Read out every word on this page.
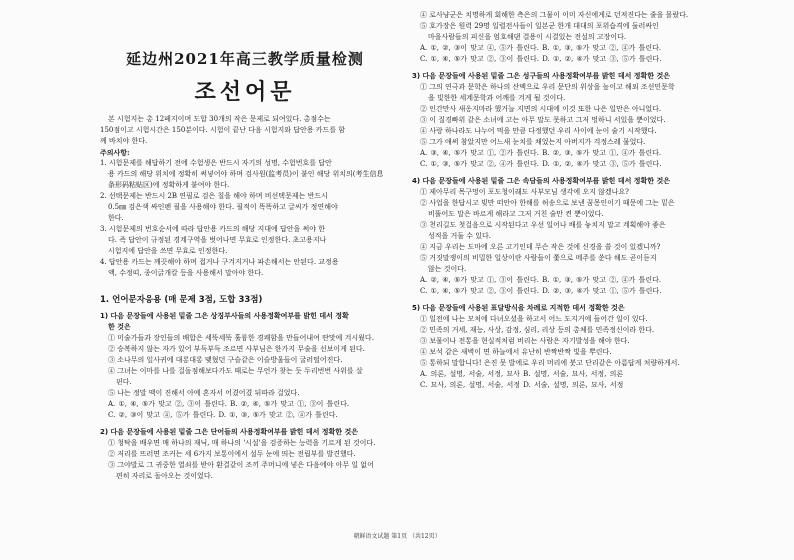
延边州2021年高三教学质量检测
조선어문

본 시험지는 총 12페지이며 도합 30개의 작은 문제로 되여있다. 총점수는

150점이고 시험시간은 150분이다. 시험이 끝난 다음 시험지와 답안용 카드를 함

께 바치야 한다.

주의사항:

1. 시험문제를 해답하기 전에 수험생은 반드시 자기의 성명, 수험번호를 답안

용 카드의 해당 위치에 정확히 써넣어야 하며 검사원(监考员)이 붙인 해당 위치의(考生信息

条形码粘贴区)에 정확하게 붙여야 한다.

2. 선택문제는 반드시 2B 연필로 검은 칠을 해야 하며 비선택문제는 반드시

0.5㎜ 검은색 싸인펜 필을 사용해야 한다. 필적이 똑똑하고 글씨가 정연해야

한다.

3. 시험문제의 번호순서에 따라 답안용 카드의 해당 지대에 답안을 써야 한

다. 즉 답안이 규정된 경계구역을 벗어나면 무효로 인정한다. 초고용지나

시험지에 답안을 쓰면 무효로 인정한다.

4. 답안용 카드는 깨끗해야 하며 접거나 구겨지거나 파손해서는 안된다. 교정용

액, 수정띠, 종이긁개칼 등을 사용해서 말아야 한다.

1. 언어문자응용 (매 문제 3점, 도합 33점)
1) 다음 문장들에 사용된 밑줄 그은 상징부사들의 사용정확여부를 밝힌 데서 정확
한 것은

① 미술가들과 장인들의 배합은 세뚝세뚝 훌륭한 경쾌함을 만들어내여 딴맛에 겨시웠다.

② 승복하지 않는 자가 있어 부득부득 조르면 사부님은 한가지 무술을 선보이게 된다.

③ 소나무의 잎사귀에 대롱대롱 맺혔던 구슬같은 이슬방울들이 굴러떨어진다.

④ 그녀는 이마를 나를 걸돌점해보다가도 때로는 무언가 찾는 듯 두리번번 사위를 살

핀다.

⑤ 나는 정말 맥이 진해서 아예 혼자서 어겼어겼 뒤따라 걸었다.

A. ①, ④, ⑤가 맞고 ②, ③이 틀린다. B. ②, ④, ⑤가 맞고 ①, ③이 틀린다.

C. ②, ③이 맞고 ④, ⑤가 틀린다. D. ①, ③, ⑤가 맞고 ②, ④가 틀린다.

2) 다음 문장들에 사용된 밑줄 그은 단어들의 사용정확여부를 밝힌 데서 정확한 것은

① 청탁을 배우면 매 하나의 재닉, 매 하나의 '시설'을 검증하는 능력을 기르게 된 것이다.

② 저리를 뜨러면 조커는 세 6가지 보통이에서 설두 눈에 띄는 전립부를 발견했다.

③ 그야말로 그 귀중한 열쇠를 받아 환결같이 조끼 주머니에 넣은 다음에야 아무 일 없어

편히 자리로 돌아오는 것이었다.

④ 로사냥군은 치명하게 회해한 측은의 그물이 이미 자신에게로 던져진다는 줄을 몰랐다.

⑤ 호가장은 원력 29명 일렬전사들이 일본군 한개 대대의 포위습격에 둘러싸인

마을사람들의 피신을 엄호해댄 결용이 시결있는 전설의 고장이다.

A. ①, ②, ③이 맞고 ④, ⑤가 틀린다. B. ①, ③, ⑤가 맞고 ②, ④가 틀린다.

C. ①, ④, ⑤가 맞고 ②, ③이 틀린다. D. ①, ②, ④가 맞고 ③, ⑤가 틀린다.

3) 다음 문장들에 사용된 밑줄 그은 성구들의 사용정확여부를 밝힌 데서 정확한 것은

① 그의 연극과 문학은 하나의 산맥으로 우리 문단의 위상을 높이고 해외 조선민문학

을 빛한한 세계문학과 어깨를 겨게 될 것이다.

② 인간만사 새옹지마라 했거늘 지면의 시대에 이것 또한 나은 일만은 아니었다.

③ 이 질경빠위 같은 소녀에 고는 아무 말도 못하고 그저 멍하니 서있을 뿐이었다.

④ 사랑 하나라도 나누어 먹을 만큼 다정했던 우리 사이에 눈이 숱기 시작했다.

⑤ 그가 애써 참았지만 어느새 눈치를 채었는지 아버지가 걱정스레 물었다.

A. ③, ④, ⑤가 맞고 ①, ②가 틀린다. B. ②, ③, ⑤가 맞고 ①, ④가 틀린다.

C. ①, ③, ⑤가 맞고 ②, ④가 틀린다. D. ①, ②, ④가 맞고 ③, ⑤가 틀린다.

4) 다음 문장들에 사용된 밑줄 그은 속담들의 사용정확여부를 밝힌 데서 정확한 것은

① 제아무리 목구멍이 포도청이래도 사부모님 생각에 오지 않겠나요?

② 사업을 한답시고 빚만 떠안아 한해를 허송으로 보낸 꿈몽인이기 때문에 그는 밑은

비뚤어도 말은 바르게 해라고 그저 거친 술만 켠 뿐이었다.

③ 천리길도 첫걸음으로 시작된다고 우선 일어나 배를 놓치지 말고 계획해야 좋은

성적을 거둘 수 있다.

④ 지금 우리는 도마에 오른 고기인데 무슨 작은 것에 신경을 쓸 것이 있겠니까?

⑤ 거짓말쟁이의 비밀한 일상이란 사람들이 쫓으로 메주를 쑨다 해도 곧이듣지

않는 것이다.

A. ②, ④, ⑤가 맞고 ①, ③이 틀린다. B. ①, ③, ⑤가 맞고 ②, ④가 틀린다.

C. ①, ④, ⑤가 맞고 ②, ③이 틀린다. D. ②, ③, ④가 맞고 ①, ⑤가 틀린다.

5) 다음 문장들에 사용된 표달방식을 차례로 지적한 데서 정확한 것은

① 일전에 나는 모처에 다녀오셨을 하고서 어느 도지거에 들어간 일이 있다.

② 민족의 거세, 재능, 사상, 감정, 심리, 리상 등의 총체를 민족정신이라 한다.

③ 보물이나 전통을 현실적처럼 버리는 사람은 자기발성을 해야 한다.

④ 보석 같은 새벽이 면 하늘에서 유난히 반짝반짝 빛을 뿌린다.

⑤ 통하되 말합니다! 은진 못 발에로 우리 머리에 붓고 단리같은 아름답게 처량하게서.

A. 의론, 설명, 서술, 서정, 묘사 B. 설명, 서술, 묘사, 서정, 의론

C. 묘사, 의론, 설명, 서술, 서정 D. 서술, 설명, 의론, 묘사, 서정

朝鲜语文试题 第1页 （共12页）
